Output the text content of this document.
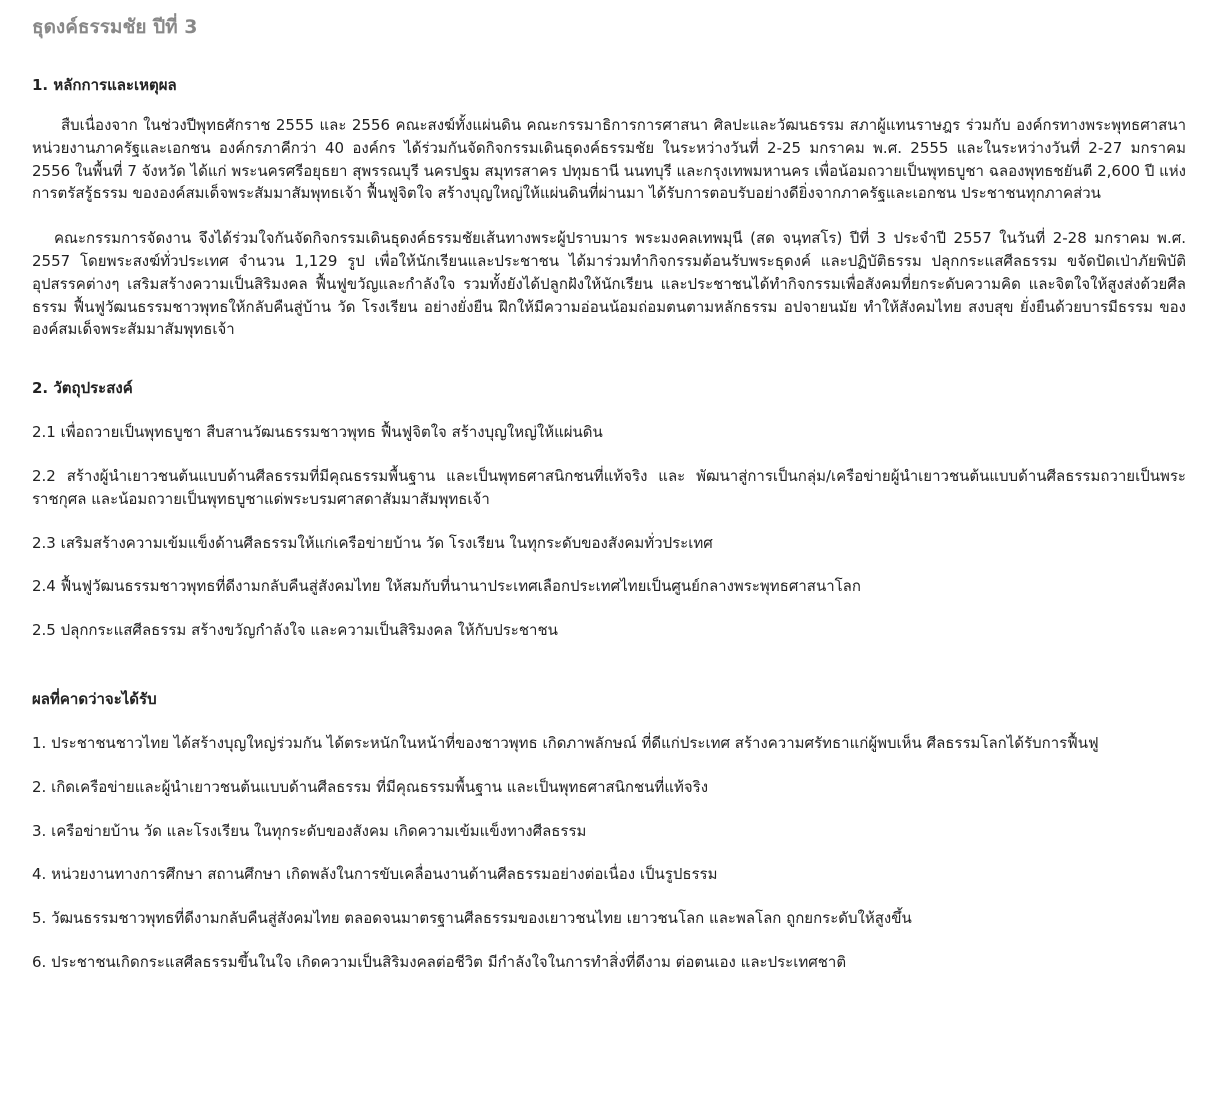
ธุดงค์ธรรมชัย ปีที่ 3
1. หลักการและเหตุผล

สืบเนื่องจาก ในช่วงปีพุทธศักราช 2555 และ 2556 คณะสงฆ์ทั้งแผ่นดิน คณะกรรมาธิการการศาสนา ศิลปะและวัฒนธรรม สภาผู้แทนราษฎร ร่วมกับ องค์กรทางพระพุทธศาสนา หน่วยงานภาครัฐและเอกชน องค์กรภาคีกว่า 40 องค์กร ได้ร่วมกันจัดกิจกรรมเดินธุดงค์ธรรมชัย ในระหว่างวันที่ 2-25 มกราคม พ.ศ. 2555 และในระหว่างวันที่ 2-27 มกราคม 2556 ในพื้นที่ 7 จังหวัด ได้แก่ พระนครศรีอยุธยา สุพรรณบุรี นครปฐม สมุทรสาคร ปทุมธานี นนทบุรี และกรุงเทพมหานคร เพื่อน้อมถวายเป็นพุทธบูชา ฉลองพุทธชยันตี 2,600 ปี แห่งการตรัสรู้ธรรม ขององค์สมเด็จพระสัมมาสัมพุทธเจ้า ฟื้นฟูจิตใจ สร้างบุญใหญ่ให้แผ่นดินที่ผ่านมา ได้รับการตอบรับอย่างดียิ่งจากภาครัฐและเอกชน ประชาชนทุกภาคส่วน

คณะกรรมการจัดงาน จึงได้ร่วมใจกันจัดกิจกรรมเดินธุดงค์ธรรมชัยเส้นทางพระผู้ปราบมาร พระมงคลเทพมุนี (สด จนฺทสโร) ปีที่ 3 ประจำปี 2557 ในวันที่ 2-28 มกราคม พ.ศ. 2557 โดยพระสงฆ์ทั่วประเทศ จำนวน 1,129 รูป เพื่อให้นักเรียนและประชาชน ได้มาร่วมทำกิจกรรมต้อนรับพระธุดงค์ และปฏิบัติธรรม ปลุกกระแสศีลธรรม ขจัดปัดเป่าภัยพิบัติ อุปสรรคต่างๆ เสริมสร้างความเป็นสิริมงคล ฟื้นฟูขวัญและกำลังใจ รวมทั้งยังได้ปลูกฝังให้นักเรียน และประชาชนได้ทำกิจกรรมเพื่อสังคมที่ยกระดับความคิด และจิตใจให้สูงส่งด้วยศีลธรรม ฟื้นฟูวัฒนธรรมชาวพุทธให้กลับคืนสู่บ้าน วัด โรงเรียน อย่างยั่งยืน ฝึกให้มีความอ่อนน้อมถ่อมตนตามหลักธรรม อปจายนมัย ทำให้สังคมไทย สงบสุข ยั่งยืนด้วยบารมีธรรม ขององค์สมเด็จพระสัมมาสัมพุทธเจ้า

2. วัตถุประสงค์

2.1 เพื่อถวายเป็นพุทธบูชา สืบสานวัฒนธรรมชาวพุทธ ฟื้นฟูจิตใจ สร้างบุญใหญ่ให้แผ่นดิน

2.2 สร้างผู้นำเยาวชนต้นแบบด้านศีลธรรมที่มีคุณธรรมพื้นฐาน และเป็นพุทธศาสนิกชนที่แท้จริง และ พัฒนาสู่การเป็นกลุ่ม/เครือข่ายผู้นำเยาวชนต้นแบบด้านศีลธรรมถวายเป็นพระราชกุศล และน้อมถวายเป็นพุทธบูชาแด่พระบรมศาสดาสัมมาสัมพุทธเจ้า

2.3 เสริมสร้างความเข้มแข็งด้านศีลธรรมให้แก่เครือข่ายบ้าน วัด โรงเรียน ในทุกระดับของสังคมทั่วประเทศ

2.4 ฟื้นฟูวัฒนธรรมชาวพุทธที่ดีงามกลับคืนสู่สังคมไทย ให้สมกับที่นานาประเทศเลือกประเทศไทยเป็นศูนย์กลางพระพุทธศาสนาโลก

2.5 ปลุกกระแสศีลธรรม สร้างขวัญกำลังใจ และความเป็นสิริมงคล ให้กับประชาชน

ผลที่คาดว่าจะได้รับ

1. ประชาชนชาวไทย ได้สร้างบุญใหญ่ร่วมกัน ได้ตระหนักในหน้าที่ของชาวพุทธ เกิดภาพลักษณ์ ที่ดีแก่ประเทศ สร้างความศรัทธาแก่ผู้พบเห็น ศีลธรรมโลกได้รับการฟื้นฟู

2. เกิดเครือข่ายและผู้นำเยาวชนต้นแบบด้านศีลธรรม ที่มีคุณธรรมพื้นฐาน และเป็นพุทธศาสนิกชนที่แท้จริง

3. เครือข่ายบ้าน วัด และโรงเรียน ในทุกระดับของสังคม เกิดความเข้มแข็งทางศีลธรรม

4. หน่วยงานทางการศึกษา สถานศึกษา เกิดพลังในการขับเคลื่อนงานด้านศีลธรรมอย่างต่อเนื่อง เป็นรูปธรรม

5. วัฒนธรรมชาวพุทธที่ดีงามกลับคืนสู่สังคมไทย ตลอดจนมาตรฐานศีลธรรมของเยาวชนไทย เยาวชนโลก และพลโลก ถูกยกระดับให้สูงขึ้น

6. ประชาชนเกิดกระแสศีลธรรมขึ้นในใจ เกิดความเป็นสิริมงคลต่อชีวิต มีกำลังใจในการทำสิ่งที่ดีงาม ต่อตนเอง และประเทศชาติ
